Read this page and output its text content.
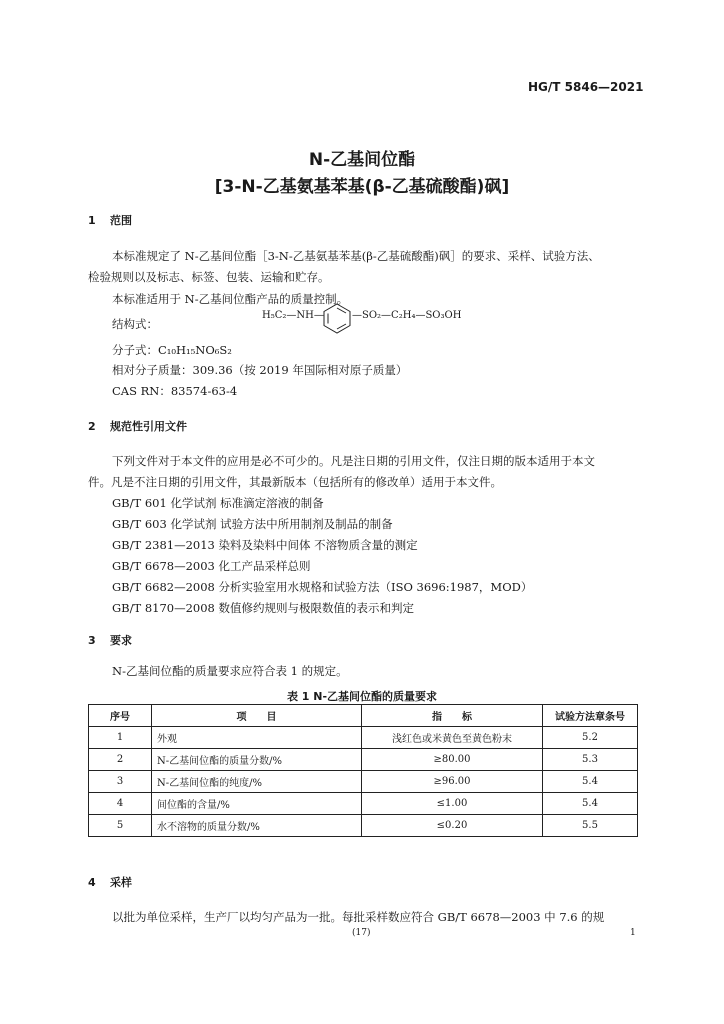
HG/T 5846—2021
N-乙基间位酯
[3-N-乙基氨基苯基(β-乙基硫酸酯)砜]
1 范围
本标准规定了 N-乙基间位酯［3-N-乙基氨基苯基(β-乙基硫酸酯)砜］的要求、采样、试验方法、
检验规则以及标志、标签、包装、运输和贮存。
本标准适用于 N-乙基间位酯产品的质量控制。
结构式：
H₅C₂—NH—	—SO₂—C₂H₄—SO₃OH
分子式：C₁₀H₁₅NO₆S₂
相对分子质量：309.36（按 2019 年国际相对原子质量）
CAS RN：83574-63-4
2 规范性引用文件
下列文件对于本文件的应用是必不可少的。凡是注日期的引用文件，仅注日期的版本适用于本文
件。凡是不注日期的引用文件，其最新版本（包括所有的修改单）适用于本文件。
GB/T 601 化学试剂 标准滴定溶液的制备
GB/T 603 化学试剂 试验方法中所用制剂及制品的制备
GB/T 2381—2013 染料及染料中间体 不溶物质含量的测定
GB/T 6678—2003 化工产品采样总则
GB/T 6682—2008 分析实验室用水规格和试验方法（ISO 3696:1987，MOD）
GB/T 8170—2008 数值修约规则与极限数值的表示和判定
3 要求
N-乙基间位酯的质量要求应符合表 1 的规定。
表 1 N-乙基间位酯的质量要求
序号	项　　目	指　　标	试验方法章条号
1	外观	浅红色或米黄色至黄色粉末	5.2
2	N-乙基间位酯的质量分数/%	≥80.00	5.3
3	N-乙基间位酯的纯度/%	≥96.00	5.4
4	间位酯的含量/%	≤1.00	5.4
5	水不溶物的质量分数/%	≤0.20	5.5
4 采样
以批为单位采样，生产厂以均匀产品为一批。每批采样数应符合 GB/T 6678—2003 中 7.6 的规
(17)	1
